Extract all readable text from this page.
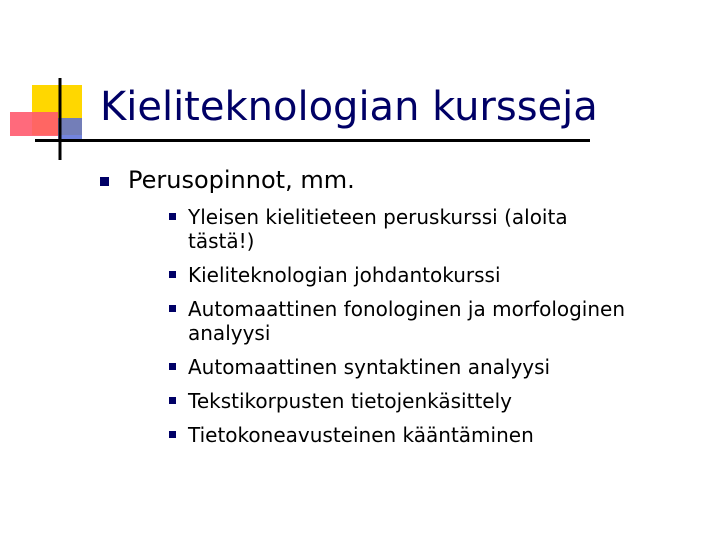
Kieliteknologian kursseja
Perusopinnot, mm.
Yleisen kielitieteen peruskurssi (aloita tästä!)
Kieliteknologian johdantokurssi
Automaattinen fonologinen ja morfologinen analyysi
Automaattinen syntaktinen analyysi
Tekstikorpusten tietojenkäsittely
Tietokoneavusteinen kääntäminen
